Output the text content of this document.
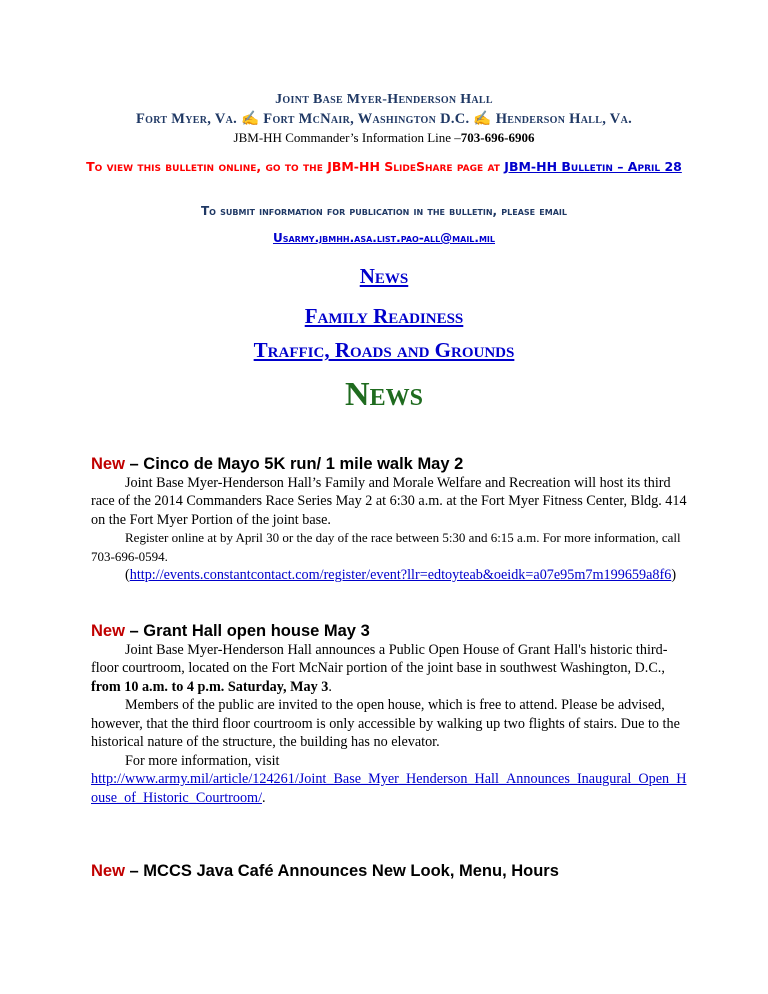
Joint Base Myer-Henderson Hall
Fort Myer, Va. ✍ Fort McNair, Washington D.C. ✍ Henderson Hall, Va.
JBM-HH Commander’s Information Line –703-696-6906
To view this bulletin online, go to the JBM-HH SlideShare page at JBM-HH Bulletin – April 28
To submit information for publication in the bulletin, please email
Usarmy.jbmhh.asa.list.pao-all@mail.mil
News
Family Readiness
Traffic, Roads and Grounds
News

New – Cinco de Mayo 5K run/ 1 mile walk May 2

Joint Base Myer-Henderson Hall’s Family and Morale Welfare and Recreation will host its third race of the 2014 Commanders Race Series May 2 at 6:30 a.m. at the Fort Myer Fitness Center, Bldg. 414 on the Fort Myer Portion of the joint base.

Register online at by April 30 or the day of the race between 5:30 and 6:15 a.m. For more information, call 703-696-0594.

(http://events.constantcontact.com/register/event?llr=edtoyteab&oeidk=a07e95m7m199659a8f6)

New – Grant Hall open house May 3

Joint Base Myer-Henderson Hall announces a Public Open House of Grant Hall's historic third-floor courtroom, located on the Fort McNair portion of the joint base in southwest Washington, D.C., from 10 a.m. to 4 p.m. Saturday, May 3.

Members of the public are invited to the open house, which is free to attend. Please be advised, however, that the third floor courtroom is only accessible by walking up two flights of stairs. Due to the historical nature of the structure, the building has no elevator.

For more information, visit

http://www.army.mil/article/124261/Joint_Base_Myer_Henderson_Hall_Announces_Inaugural_Open_House_of_Historic_Courtroom/.

New – MCCS Java Café Announces New Look, Menu, Hours
